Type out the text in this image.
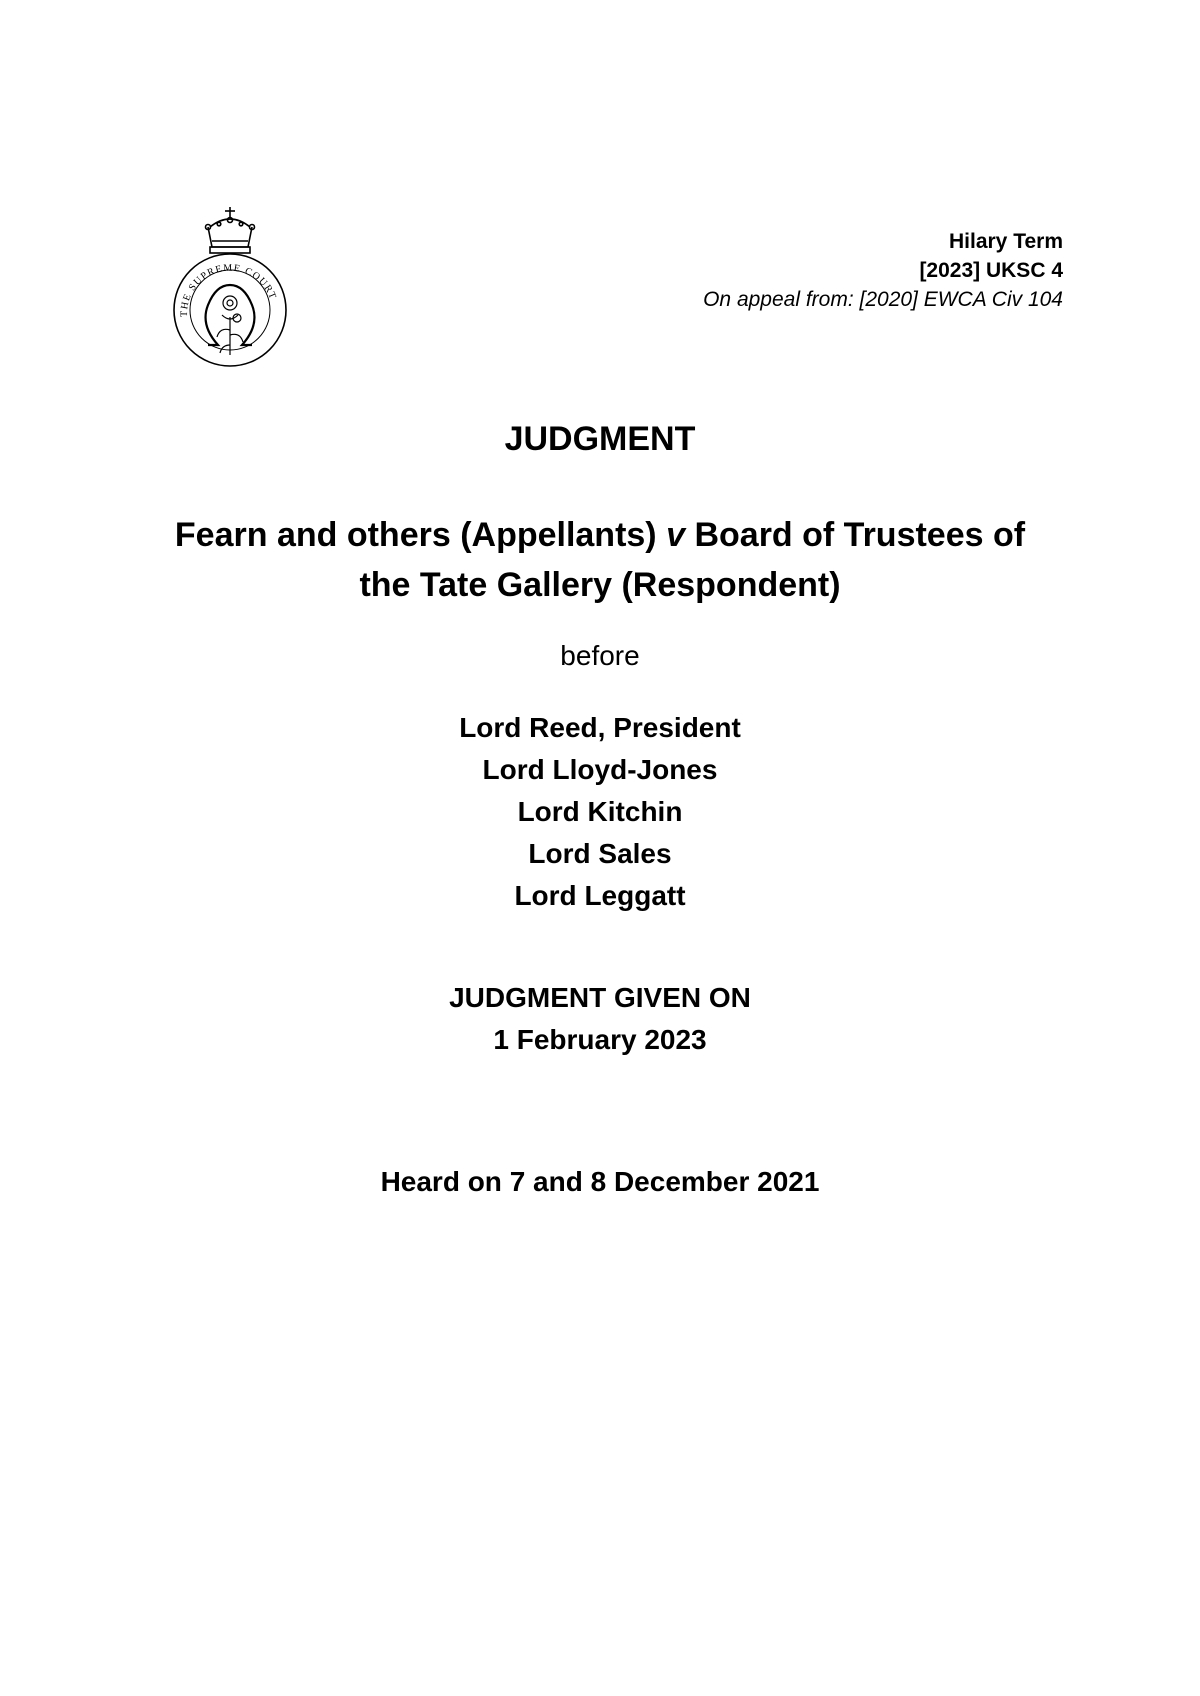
THE SUPREME COURT
Hilary Term
[2023] UKSC 4
On appeal from: [2020] EWCA Civ 104
JUDGMENT
Fearn and others (Appellants) v Board of Trustees of
the Tate Gallery (Respondent)
before
Lord Reed, President
Lord Lloyd-Jones
Lord Kitchin
Lord Sales
Lord Leggatt
JUDGMENT GIVEN ON
1 February 2023
Heard on 7 and 8 December 2021
